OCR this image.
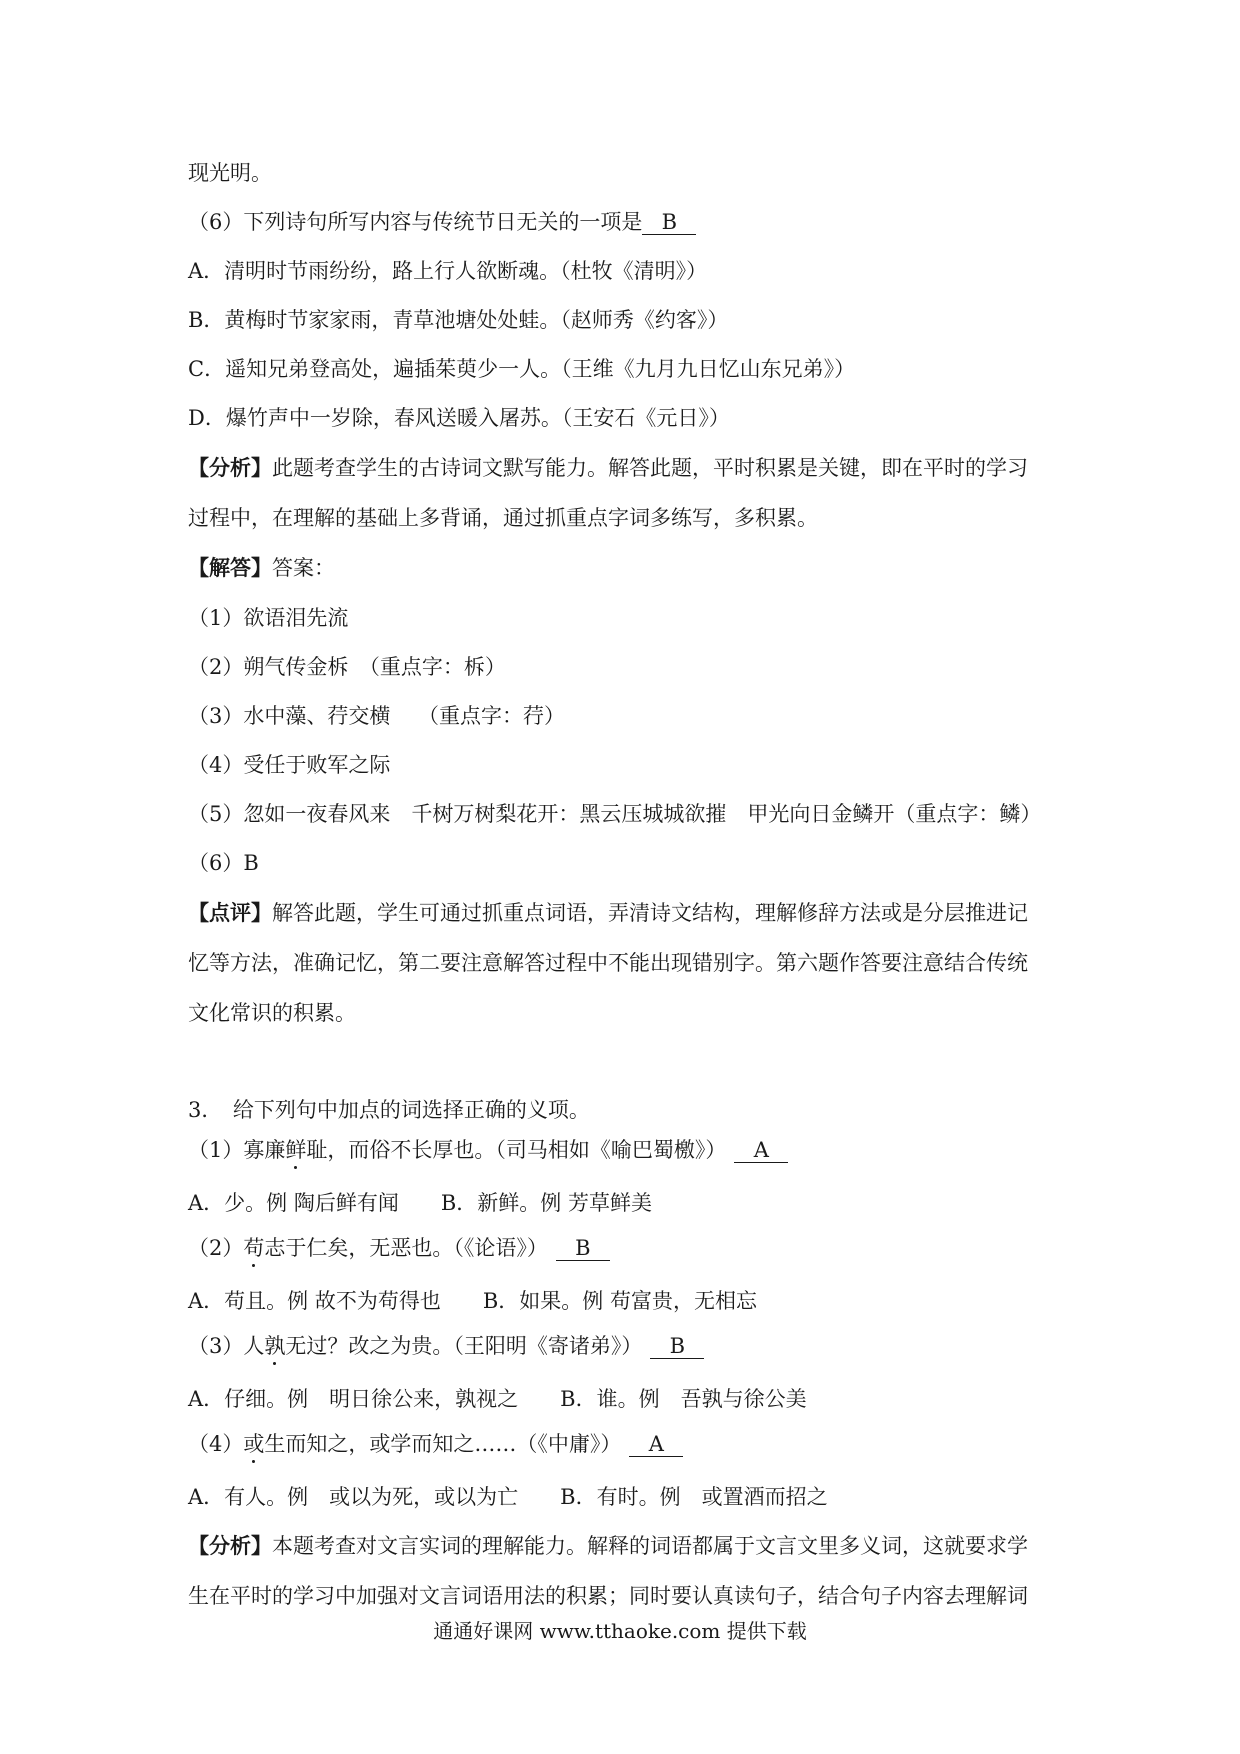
现光明。
（6）下列诗句所写内容与传统节日无关的一项是 B
A．清明时节雨纷纷，路上行人欲断魂。（杜牧《清明》）
B．黄梅时节家家雨，青草池塘处处蛙。（赵师秀《约客》）
C．遥知兄弟登高处，遍插茱萸少一人。（王维《九月九日忆山东兄弟》）
D．爆竹声中一岁除，春风送暖入屠苏。（王安石《元日》）
【分析】此题考查学生的古诗词文默写能力。解答此题，平时积累是关键，即在平时的学习
过程中，在理解的基础上多背诵，通过抓重点字词多练写，多积累。
【解答】答案：
（1）欲语泪先流
（2）朔气传金柝　（重点字：柝）
（3）水中藻、荇交横　 （重点字：荇）
（4）受任于败军之际
（5）忽如一夜春风来　千树万树梨花开：黑云压城城欲摧　甲光向日金鳞开（重点字：鳞）
（6）B
【点评】解答此题，学生可通过抓重点词语，弄清诗文结构，理解修辞方法或是分层推进记
忆等方法，准确记忆，第二要注意解答过程中不能出现错别字。第六题作答要注意结合传统
文化常识的积累。
3．　给下列句中加点的词选择正确的义项。
（1）寡廉鲜耻，而俗不长厚也。（司马相如《喻巴蜀檄》） A
A．少。例 陶后鲜有闻　　B．新鲜。例 芳草鲜美
（2）苟志于仁矣，无恶也。（《论语》） B
A．苟且。例 故不为苟得也　　B．如果。例 苟富贵，无相忘
（3）人孰无过？改之为贵。（王阳明《寄诸弟》） B
A．仔细。例　明日徐公来，孰视之　　B．谁。例　吾孰与徐公美
（4）或生而知之，或学而知之……（《中庸》） A
A．有人。例　或以为死，或以为亡　　B．有时。例　或置酒而招之
【分析】本题考查对文言实词的理解能力。解释的词语都属于文言文里多义词，这就要求学
生在平时的学习中加强对文言词语用法的积累；同时要认真读句子，结合句子内容去理解词
通通好课网 www.tthaoke.com 提供下载
